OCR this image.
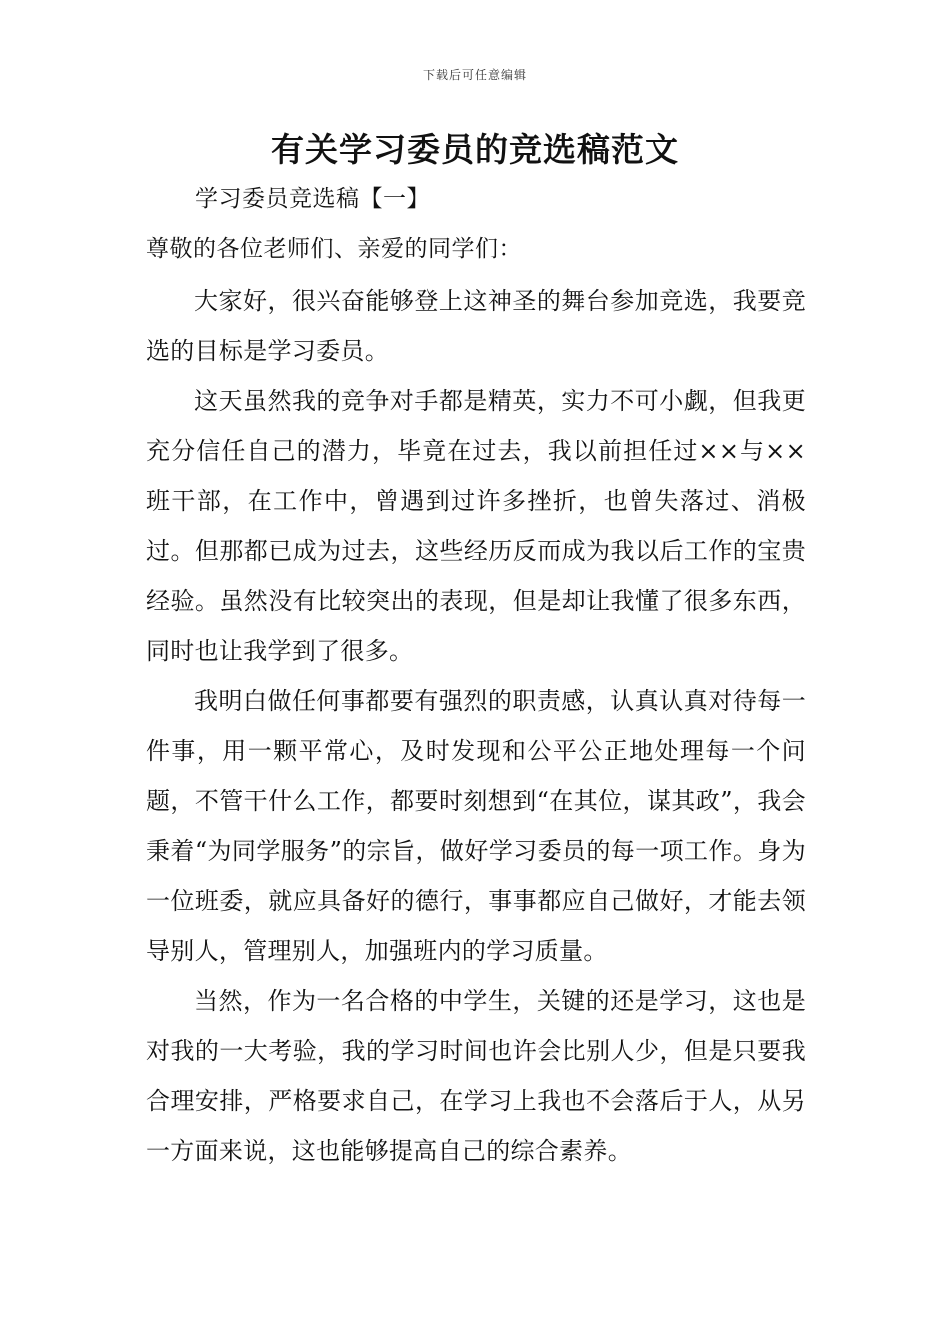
下载后可任意编辑
有关学习委员的竞选稿范文

学习委员竞选稿【一】

尊敬的各位老师们、亲爱的同学们：

大家好，很兴奋能够登上这神圣的舞台参加竞选，我要竞选的目标是学习委员。

这天虽然我的竞争对手都是精英，实力不可小觑，但我更充分信任自己的潜力，毕竟在过去，我以前担任过××与××班干部，在工作中，曾遇到过许多挫折，也曾失落过、消极过。但那都已成为过去，这些经历反而成为我以后工作的宝贵经验。虽然没有比较突出的表现，但是却让我懂了很多东西，同时也让我学到了很多。

我明白做任何事都要有强烈的职责感，认真认真对待每一件事，用一颗平常心，及时发现和公平公正地处理每一个问题，不管干什么工作，都要时刻想到“在其位，谋其政”，我会秉着“为同学服务”的宗旨，做好学习委员的每一项工作。身为一位班委，就应具备好的德行，事事都应自己做好，才能去领导别人，管理别人，加强班内的学习质量。

当然，作为一名合格的中学生，关键的还是学习，这也是对我的一大考验，我的学习时间也许会比别人少，但是只要我合理安排，严格要求自己，在学习上我也不会落后于人，从另一方面来说，这也能够提高自己的综合素养。
